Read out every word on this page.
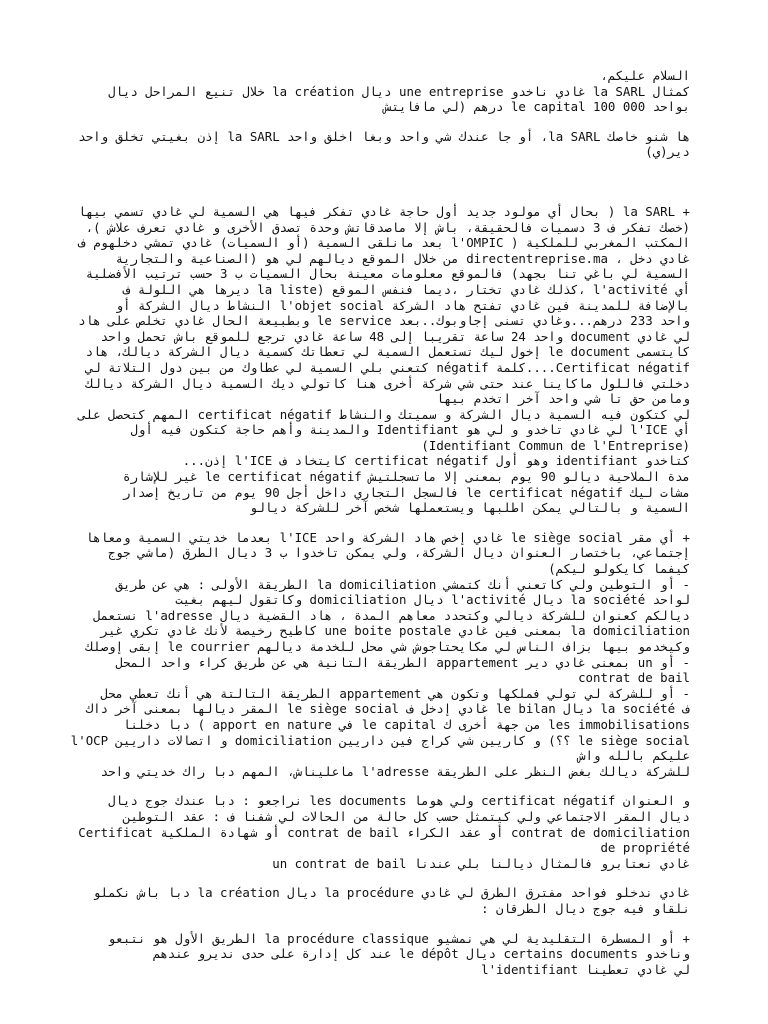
السلام عليكم،
كمثال la SARL غادي ناخدو une entreprise ديال la création خلال تنيع المراحل ديال
بواحد le capital 100 000 درهم (لي مافايتش
ها شنو خاصك la SARL، أو جا عندك شي واحد وبغا اخلق واحد la SARL إذن بغيتي تخلق واحد
دير(ي)
+ la SARL ( بحال أي مولود جديد أول حاجة غادي تفكر فيها هي السمية لي غادي تسمي بيها
(خصك تفكر ف 3 دسميات فالحقيقة، باش إلا ماصدقاتش وحدة تصدق الأخرى و غادي تعرف علاش )،
المكتب المغربي للملكية ( l'OMPIC بعد مانلقى السمية (أو السميات) غادي تمشي دخلهوم ف
غادي دخل ، directentreprise.ma من خلال الموقع ديالهم لي هو (الصناعية والتجارية
السمية لي باغي تنا بجهد) فالموقع معلومات معينة بحال السميات ب 3 حسب ترتيب الأفضلية
أي l'activité ،كذلك غادي تختار ،ديما فنفس الموقع (la liste ديرها هي اللولة ف
بالإضافة للمدينة فين غادي تفتح هاد الشركة l'objet social النشاط ديال الشركة أو
واحد 233 درهم...وغادي تسنى إجاوبوك..بعد le service وبطبيعة الحال غادي تخلص على هاد
لي غادي document واحد 24 ساعة تقريبا إلى 48 ساعة غادي ترجع للموقع باش تحمل واحد
كايتسمى le document إخول ليك تستعمل السمية لي تعطاتك كسمية ديال الشركة ديالك، هاد
Certificat négatif....كلمة négatif كتعني بلي السمية لي عطاوك من بين دول التلاتة لي
دخلتي فاللول ماكاينا عند حتى شي شركة أخرى هنا كاتولي ديك السمية ديال الشركة ديالك
ومامن حق تا شي واحد آخر اتخدم بيها
لي كتكون فيه السمية ديال الشركة و سميتك والنشاط certificat négatif المهم كتحصل على
أي l'ICE لي غادي تاخدو و لي هو Identifiant والمدينة وأهم حاجة كتكون فيه أول
(Identifiant Commun de l'Entreprise)
كتاخدو identifiant وهو أول certificat négatif كايتخاد ف l'ICE إذن...
مدة الملاحية ديالو 90 يوم بمعنى إلا ماتسجلتيش le certificat négatif غير للإشارة
مشات ليك le certificat négatif فالسجل التجاري داخل أجل 90 يوم من تاريخ إصدار
السمية و بالتالي يمكن اطلبها ويستعملها شخص آخر للشركة ديالو
+ أي مقر le siège social غادي إخص هاد الشركة واحد l'ICE بعدما خديتي السمية ومعاها
إجتماعي، باختصار العنوان ديال الشركة، ولي يمكن تاخدوا ب 3 ديال الطرق (ماشي جوج
كيفما كايكولو ليكم)
- أو التوطين ولي كاتعني أنك كتمشي la domiciliation الطريقة الأولى : هي عن طريق
لواحد la société ديال l'activité ديال domiciliation وكاتقول ليهم بغيت
ديالكم كعنوان للشركة ديالي وكتحدد معاهم المدة ، هاد القضية ديال l'adresse نستعمل
la domiciliation بمعنى فين غادي une boite postale كاطيح رخيصة لأنك غادي تكري غير
وكيخدمو بيها بزاف الناس لي مكايحتاجوش شي محل للخدمة ديالهم le courrier إبقى إوصلك
- أو un بمعنى غادي دير appartement الطريقة التانية هي عن طريق كراء واحد المحل
contrat de bail
- أو للشركة لي تولي فملكها وتكون هي appartement الطريقة التالتة هي أنك تعطي محل
ف la société ديال le bilan غادي إدخل ف le siège social المقر ديالها بمعنى آخر داك
les immobilisations من جهة أخرى ك le capital في apport en nature ) دبا دخلنا
le siège social ؟؟) و كاريين شي كراج فين داريين domiciliation و اتصالات داريين l'OCP عليكم بالله واش
للشركة ديالك بغض النظر على الطريقة l'adresse ماعليناش، المهم دبا راك خديتي واحد
و العنوان certificat négatif ولي هوما les documents نراجعو : دبا عندك جوج ديال
ديال المقر الاجتماعي ولي كيتمثل حسب كل حالة من الحالات لي شفنا ف : عقد التوطين
contrat de domiciliation أو عقد الكراء contrat de bail أو شهادة الملكية Certificat
de propriété
غادي نعتابرو فالمثال ديالنا بلي عندنا un contrat de bail
غادي ندخلو فواحد مفترق الطرق لي غادي la procédure ديال la création دبا باش نكملو
نلقاو فيه جوج ديال الطرقان :
+ أو المسطرة التقليدية لي هي نمشيو la procédure classique الطريق الأول هو نتبعو
وناخدو certains documents ديال le dépôt عند كل إدارة على حدى نديرو عندهم
لي غادي تعطينا l'identifiant
